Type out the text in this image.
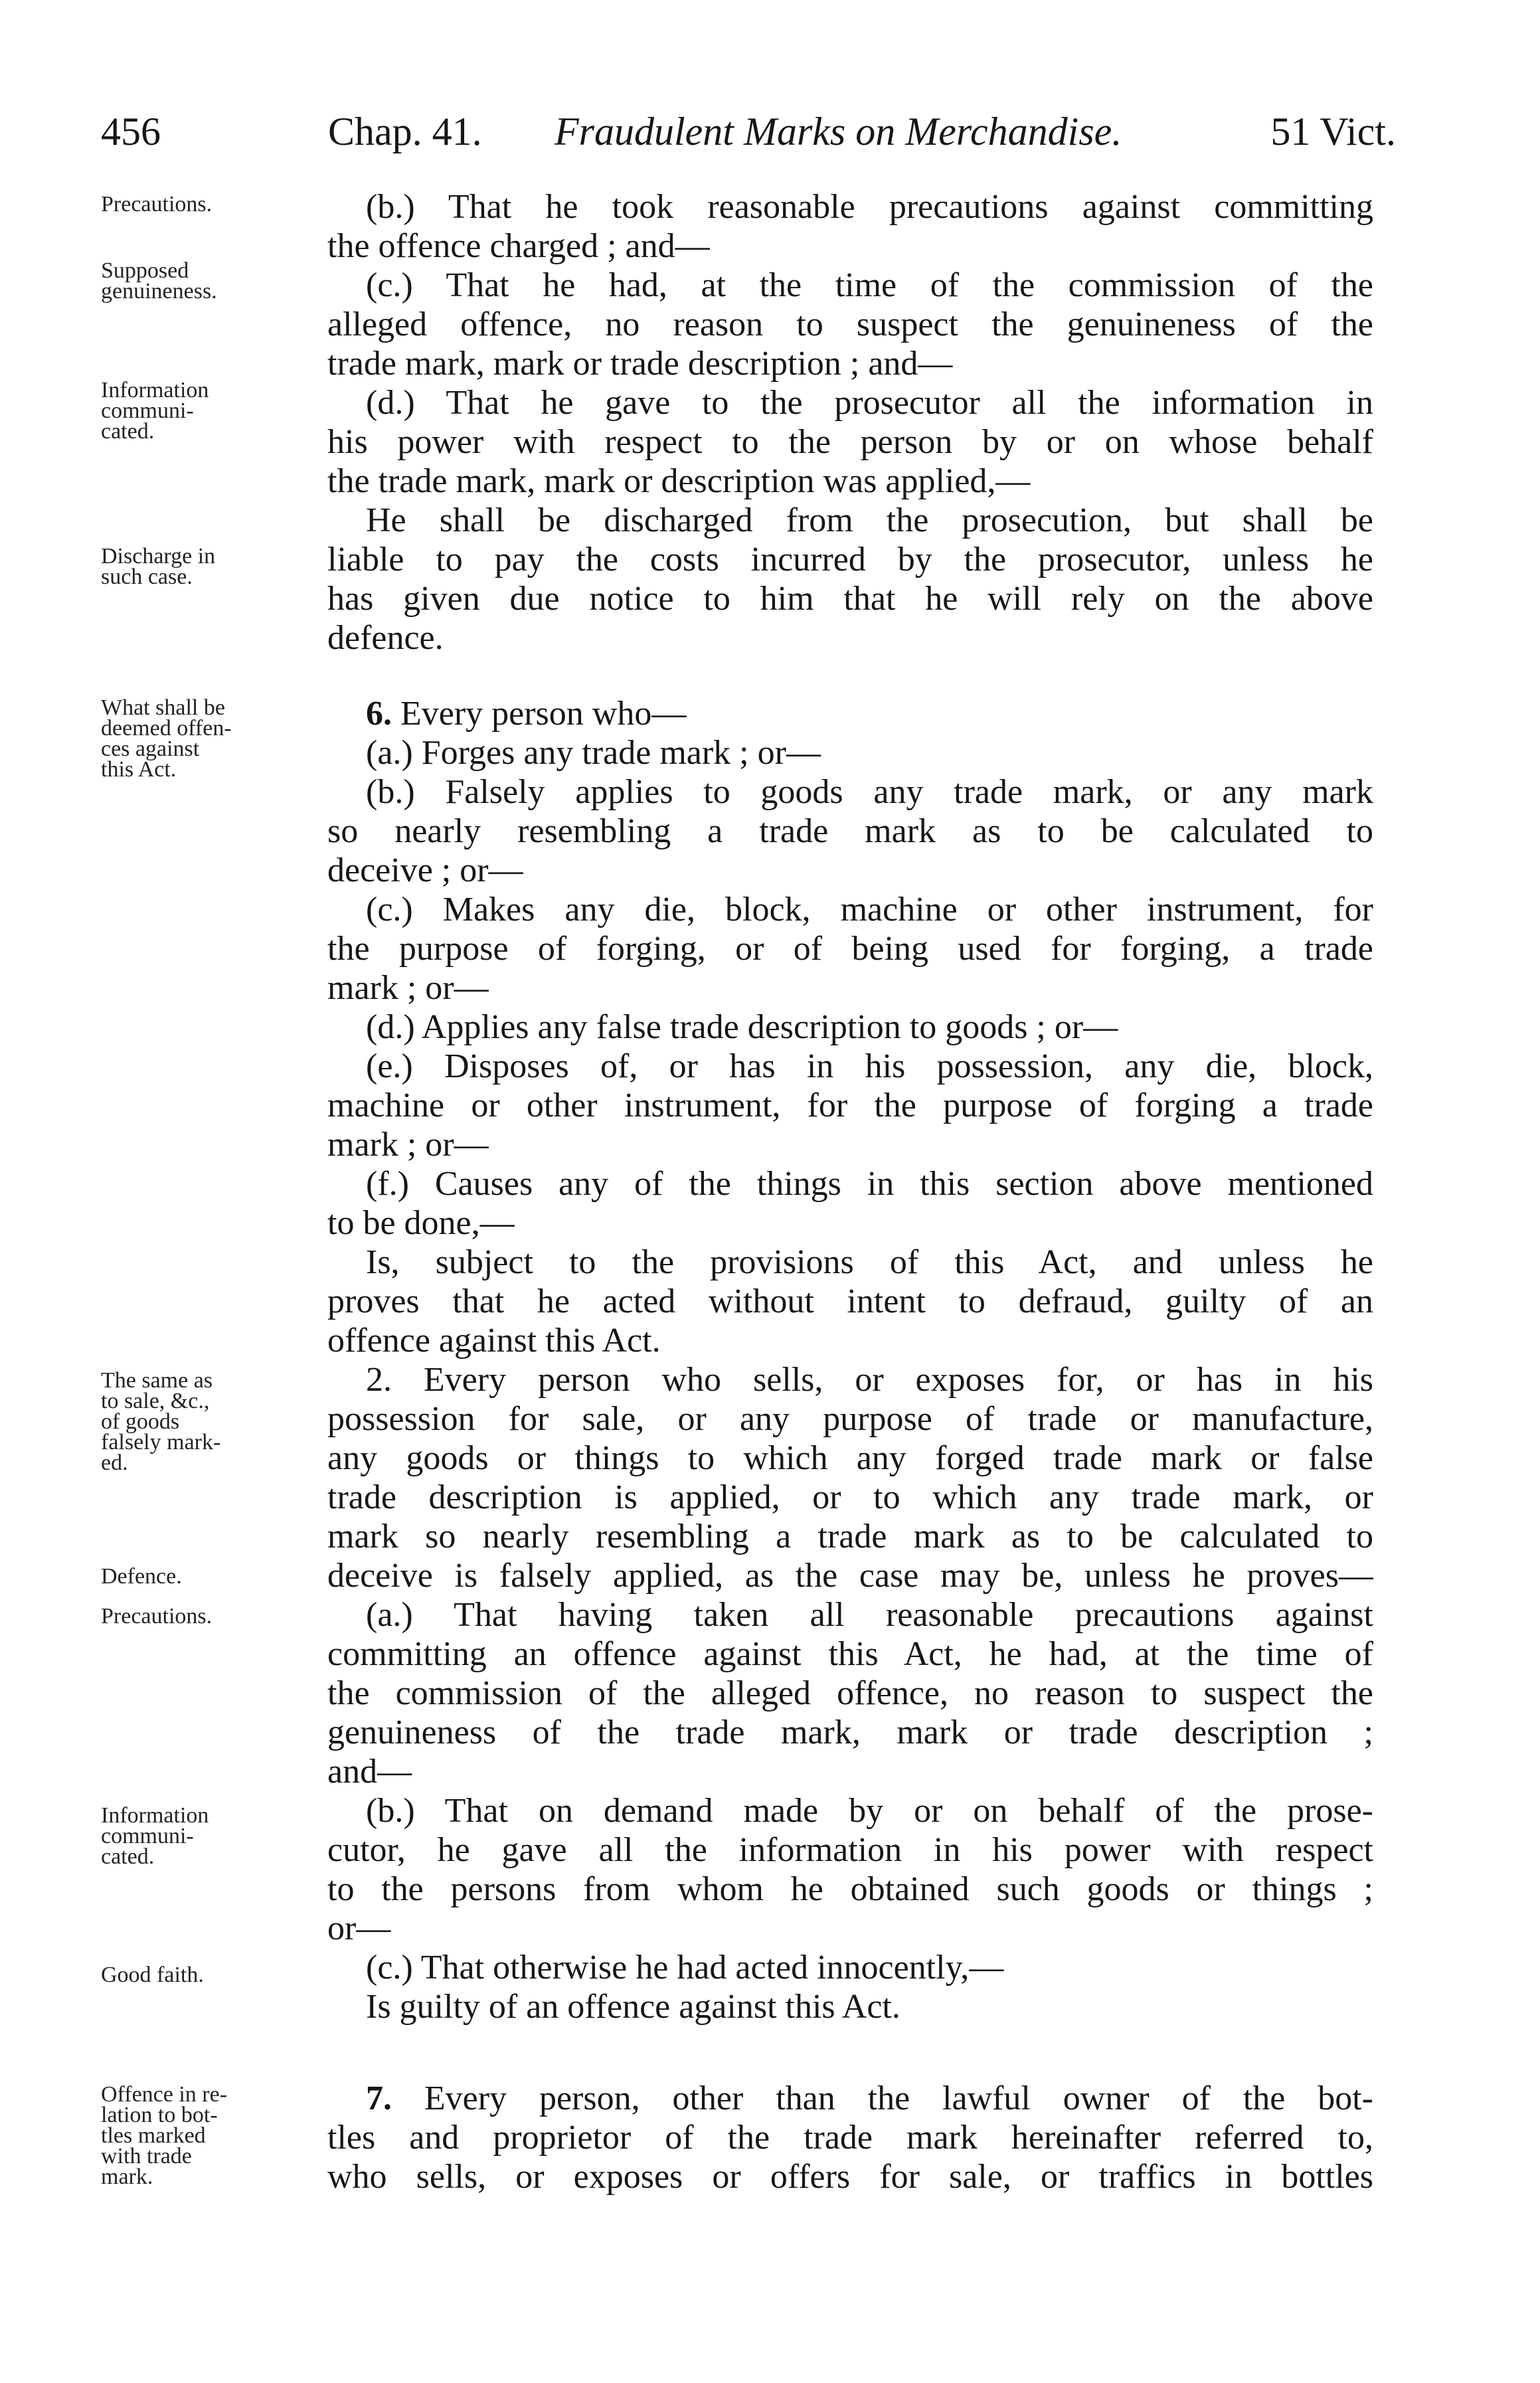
456	Chap. 41. Fraudulent Marks on Merchandise.	51 Vict.
Precautions.
Supposed
genuineness.
Information
communi-
cated.
Discharge in
such case.
What shall be
deemed offen-
ces against
this Act.
The same as
to sale, &c.,
of goods
falsely mark-
ed.
Defence.
Precautions.
Information
communi-
cated.
Good faith.
Offence in re-
lation to bot-
tles marked
with trade
mark.
(b.) That he took reasonable precautions against committing
the offence charged ; and—
(c.) That he had, at the time of the commission of the
alleged offence, no reason to suspect the genuineness of the
trade mark, mark or trade description ; and—
(d.) That he gave to the prosecutor all the information in
his power with respect to the person by or on whose behalf
the trade mark, mark or description was applied,—
He shall be discharged from the prosecution, but shall be
liable to pay the costs incurred by the prosecutor, unless he
has given due notice to him that he will rely on the above
defence.
6. Every person who—
(a.) Forges any trade mark ; or—
(b.) Falsely applies to goods any trade mark, or any mark
so nearly resembling a trade mark as to be calculated to
deceive ; or—
(c.) Makes any die, block, machine or other instrument, for
the purpose of forging, or of being used for forging, a trade
mark ; or—
(d.) Applies any false trade description to goods ; or—
(e.) Disposes of, or has in his possession, any die, block,
machine or other instrument, for the purpose of forging a trade
mark ; or—
(f.) Causes any of the things in this section above mentioned
to be done,—
Is, subject to the provisions of this Act, and unless he
proves that he acted without intent to defraud, guilty of an
offence against this Act.
2. Every person who sells, or exposes for, or has in his
possession for sale, or any purpose of trade or manufacture,
any goods or things to which any forged trade mark or false
trade description is applied, or to which any trade mark, or
mark so nearly resembling a trade mark as to be calculated to
deceive is falsely applied, as the case may be, unless he proves—
(a.) That having taken all reasonable precautions against
committing an offence against this Act, he had, at the time of
the commission of the alleged offence, no reason to suspect the
genuineness of the trade mark, mark or trade description ;
and—
(b.) That on demand made by or on behalf of the prose-
cutor, he gave all the information in his power with respect
to the persons from whom he obtained such goods or things ;
or—
(c.) That otherwise he had acted innocently,—
Is guilty of an offence against this Act.
7. Every person, other than the lawful owner of the bot-
tles and proprietor of the trade mark hereinafter referred to,
who sells, or exposes or offers for sale, or traffics in bottles
